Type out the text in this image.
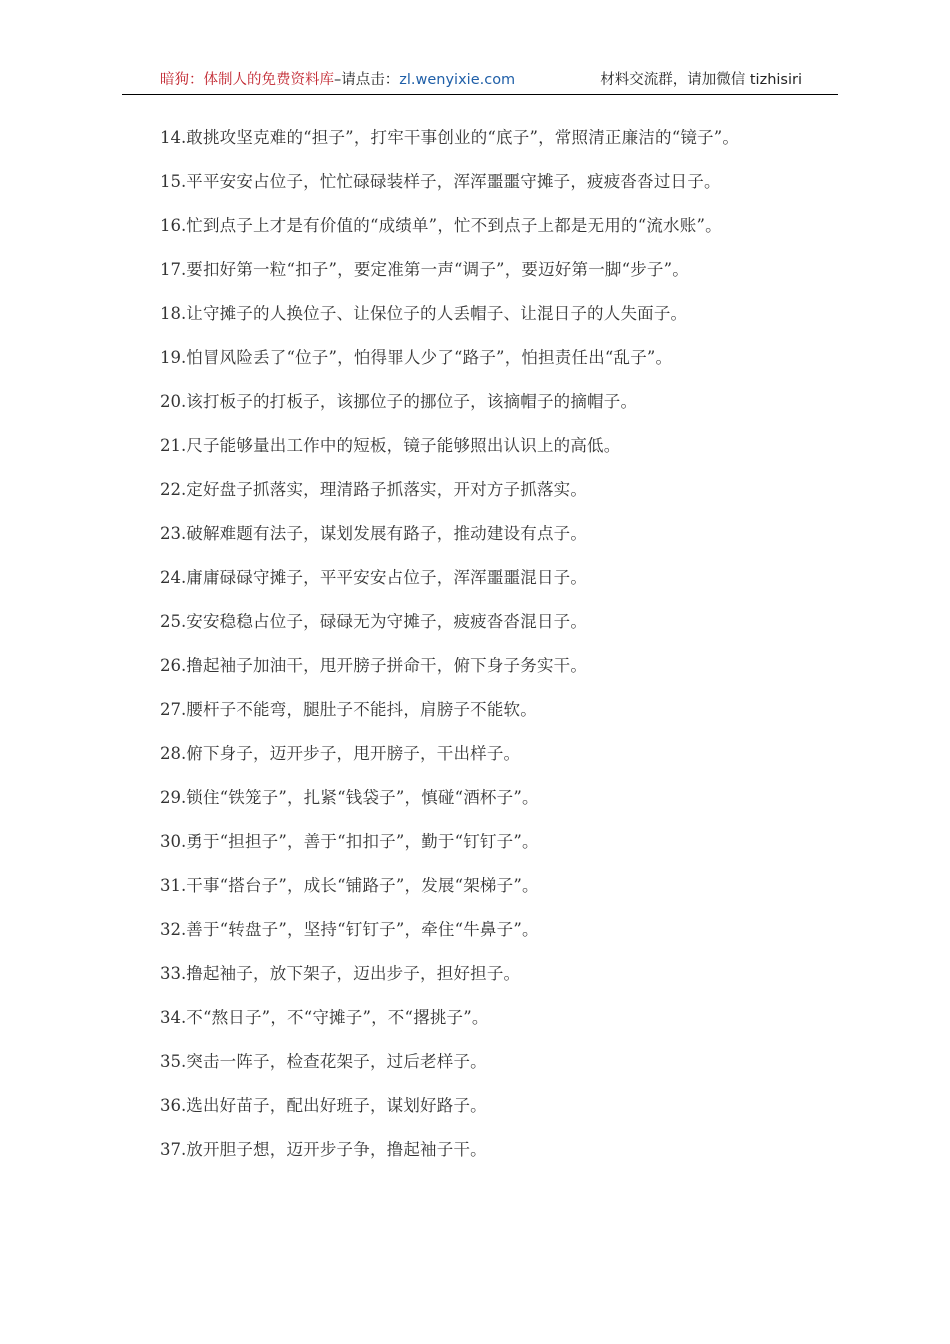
暗狗：体制人的免费资料库–请点击：zl.wenyixie.com	材料交流群，请加微信 tizhisiri

14.敢挑攻坚克难的“担子”，打牢干事创业的“底子”，常照清正廉洁的“镜子”。

15.平平安安占位子，忙忙碌碌装样子，浑浑噩噩守摊子，疲疲沓沓过日子。

16.忙到点子上才是有价值的“成绩单”，忙不到点子上都是无用的“流水账”。

17.要扣好第一粒“扣子”，要定准第一声“调子”，要迈好第一脚“步子”。

18.让守摊子的人换位子、让保位子的人丢帽子、让混日子的人失面子。

19.怕冒风险丢了“位子”，怕得罪人少了“路子”，怕担责任出“乱子”。

20.该打板子的打板子，该挪位子的挪位子，该摘帽子的摘帽子。

21.尺子能够量出工作中的短板，镜子能够照出认识上的高低。

22.定好盘子抓落实，理清路子抓落实，开对方子抓落实。

23.破解难题有法子，谋划发展有路子，推动建设有点子。

24.庸庸碌碌守摊子，平平安安占位子，浑浑噩噩混日子。

25.安安稳稳占位子，碌碌无为守摊子，疲疲沓沓混日子。

26.撸起袖子加油干，甩开膀子拼命干，俯下身子务实干。

27.腰杆子不能弯，腿肚子不能抖，肩膀子不能软。

28.俯下身子，迈开步子，甩开膀子，干出样子。

29.锁住“铁笼子”，扎紧“钱袋子”，慎碰“酒杯子”。

30.勇于“担担子”，善于“扣扣子”，勤于“钉钉子”。

31.干事“搭台子”，成长“铺路子”，发展“架梯子”。

32.善于“转盘子”，坚持“钉钉子”，牵住“牛鼻子”。

33.撸起袖子，放下架子，迈出步子，担好担子。

34.不“熬日子”，不“守摊子”，不“撂挑子”。

35.突击一阵子，检查花架子，过后老样子。

36.选出好苗子，配出好班子，谋划好路子。

37.放开胆子想，迈开步子争，撸起袖子干。
